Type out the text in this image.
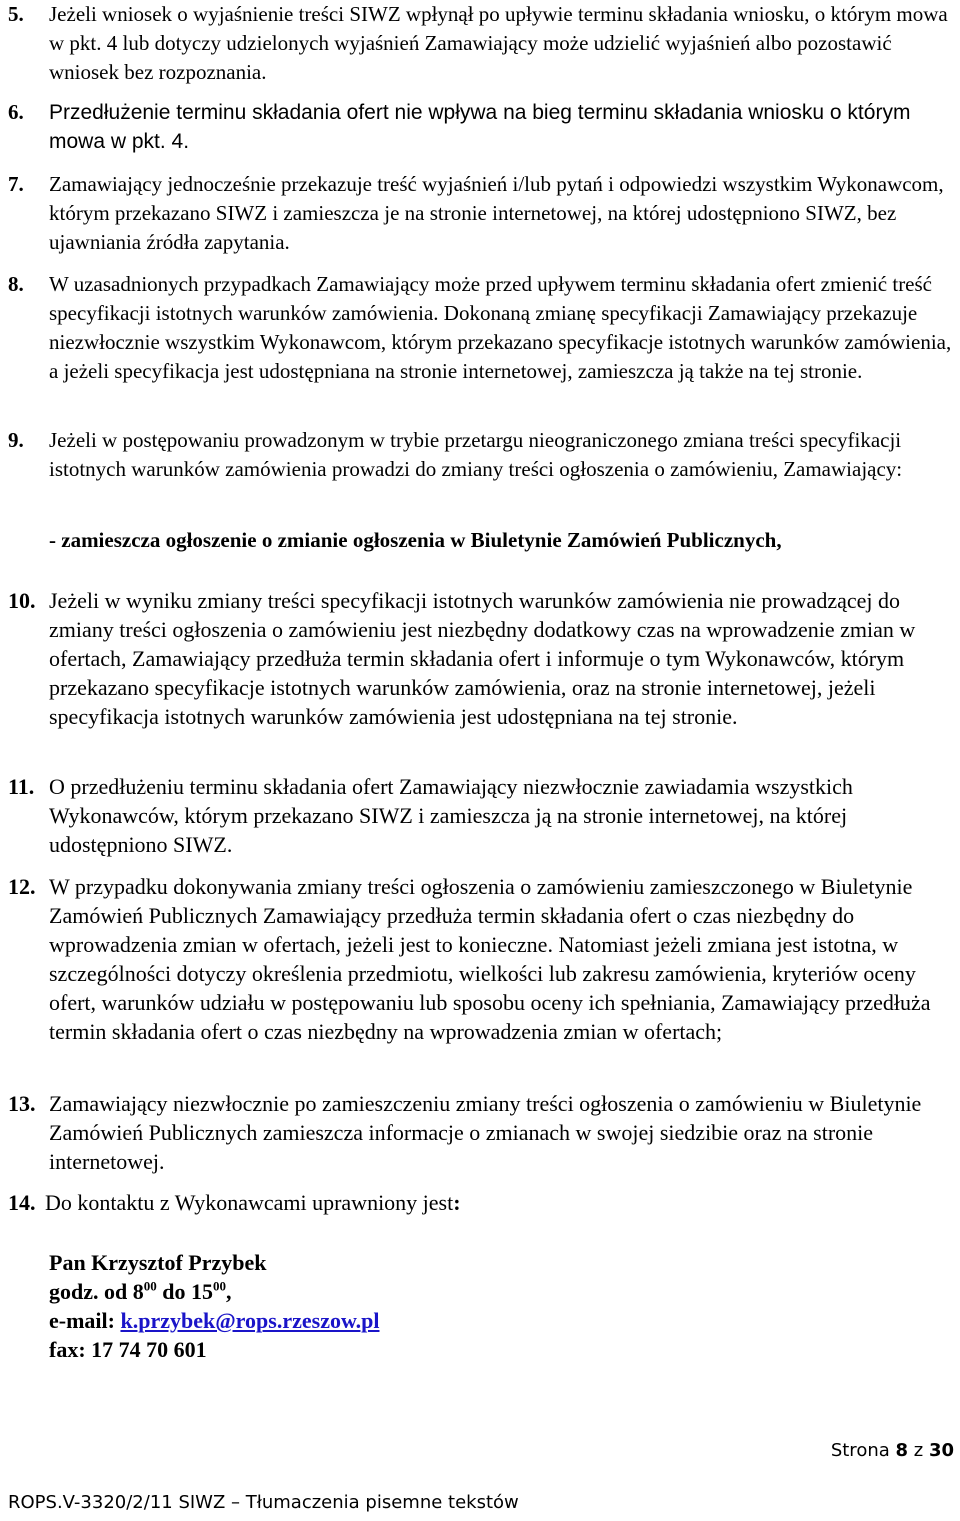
5. Jeżeli wniosek o wyjaśnienie treści SIWZ wpłynął po upływie terminu składania wniosku, o którym mowa w pkt. 4 lub dotyczy udzielonych wyjaśnień Zamawiający może udzielić wyjaśnień albo pozostawić wniosek bez rozpoznania.
6. Przedłużenie terminu składania ofert nie wpływa na bieg terminu składania wniosku o którym mowa w pkt. 4.
7. Zamawiający jednocześnie przekazuje treść wyjaśnień i/lub pytań i odpowiedzi wszystkim Wykonawcom, którym przekazano SIWZ i zamieszcza je na stronie internetowej, na której udostępniono SIWZ, bez ujawniania źródła zapytania.
8. W uzasadnionych przypadkach Zamawiający może przed upływem terminu składania ofert zmienić treść specyfikacji istotnych warunków zamówienia. Dokonaną zmianę specyfikacji Zamawiający przekazuje niezwłocznie wszystkim Wykonawcom, którym przekazano specyfikacje istotnych warunków zamówienia, a jeżeli specyfikacja jest udostępniana na stronie internetowej, zamieszcza ją także na tej stronie.
9. Jeżeli w postępowaniu prowadzonym w trybie przetargu nieograniczonego zmiana treści specyfikacji istotnych warunków zamówienia prowadzi do zmiany treści ogłoszenia o zamówieniu, Zamawiający:
- zamieszcza ogłoszenie o zmianie ogłoszenia w Biuletynie Zamówień Publicznych,
10. Jeżeli w wyniku zmiany treści specyfikacji istotnych warunków zamówienia nie prowadzącej do zmiany treści ogłoszenia o zamówieniu jest niezbędny dodatkowy czas na wprowadzenie zmian w ofertach, Zamawiający przedłuża termin składania ofert i informuje o tym Wykonawców, którym przekazano specyfikacje istotnych warunków zamówienia, oraz na stronie internetowej, jeżeli specyfikacja istotnych warunków zamówienia jest udostępniana na tej stronie.
11. O przedłużeniu terminu składania ofert Zamawiający niezwłocznie zawiadamia wszystkich Wykonawców, którym przekazano SIWZ i zamieszcza ją na stronie internetowej, na której udostępniono SIWZ.
12. W przypadku dokonywania zmiany treści ogłoszenia o zamówieniu zamieszczonego w Biuletynie Zamówień Publicznych Zamawiający przedłuża termin składania ofert o czas niezbędny do wprowadzenia zmian w ofertach, jeżeli jest to konieczne. Natomiast jeżeli zmiana jest istotna, w szczególności dotyczy określenia przedmiotu, wielkości lub zakresu zamówienia, kryteriów oceny ofert, warunków udziału w postępowaniu lub sposobu oceny ich spełniania, Zamawiający przedłuża termin składania ofert o czas niezbędny na wprowadzenia zmian w ofertach;
13. Zamawiający niezwłocznie po zamieszczeniu zmiany treści ogłoszenia o zamówieniu w Biuletynie Zamówień Publicznych zamieszcza informacje o zmianach w swojej siedzibie oraz na stronie internetowej.
14. Do kontaktu z Wykonawcami uprawniony jest:
Pan Krzysztof Przybek
godz. od $8^{00}$ do $15^{00}$,
e-mail: k.przybek@rops.rzeszow.pl
fax: 17 74 70 601
Strona 8 z 30
ROPS.V-3320/2/11 SIWZ – Tłumaczenia pisemne tekstów
